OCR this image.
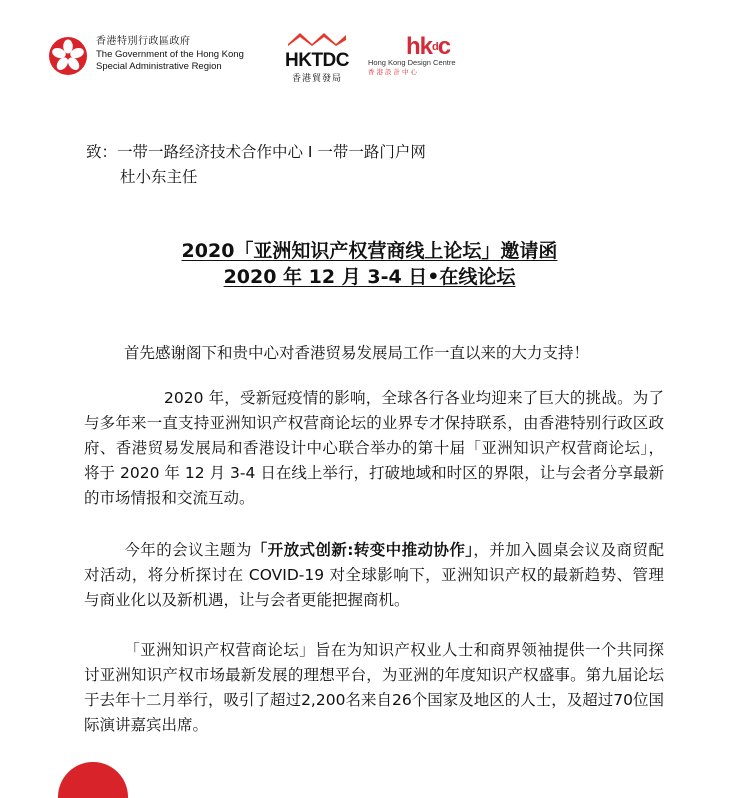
香港特別行政區政府
The Government of the Hong Kong
Special Administrative Region	HKTDC
香港貿發局
$hk^dc$
Hong Kong Design Centre
香港設計中心
致：一带一路经济技术合作中心 I 一带一路门户网
杜小东主任
2020「亚洲知识产权营商线上论坛」邀请函
2020 年 12 月 3-4 日•在线论坛
首先感谢阁下和贵中心对香港贸易发展局工作一直以来的大力支持！
2020 年，受新冠疫情的影响，全球各行各业均迎来了巨大的挑战。为了与多年来一直支持亚洲知识产权营商论坛的业界专才保持联系，由香港特别行政区政府、香港贸易发展局和香港设计中心联合举办的第十届「亚洲知识产权营商论坛」，将于 2020 年 12 月 3-4 日在线上举行，打破地域和时区的界限，让与会者分享最新的市场情报和交流互动。
今年的会议主题为「开放式创新:转变中推动协作」，并加入圆桌会议及商贸配对活动，将分析探讨在 COVID-19 对全球影响下，亚洲知识产权的最新趋势、管理与商业化以及新机遇，让与会者更能把握商机。
「亚洲知识产权营商论坛」旨在为知识产权业人士和商界领袖提供一个共同探讨亚洲知识产权市场最新发展的理想平台，为亚洲的年度知识产权盛事。第九届论坛于去年十二月举行，吸引了超过2,200名来自26个国家及地区的人士，及超过70位国际演讲嘉宾出席。
